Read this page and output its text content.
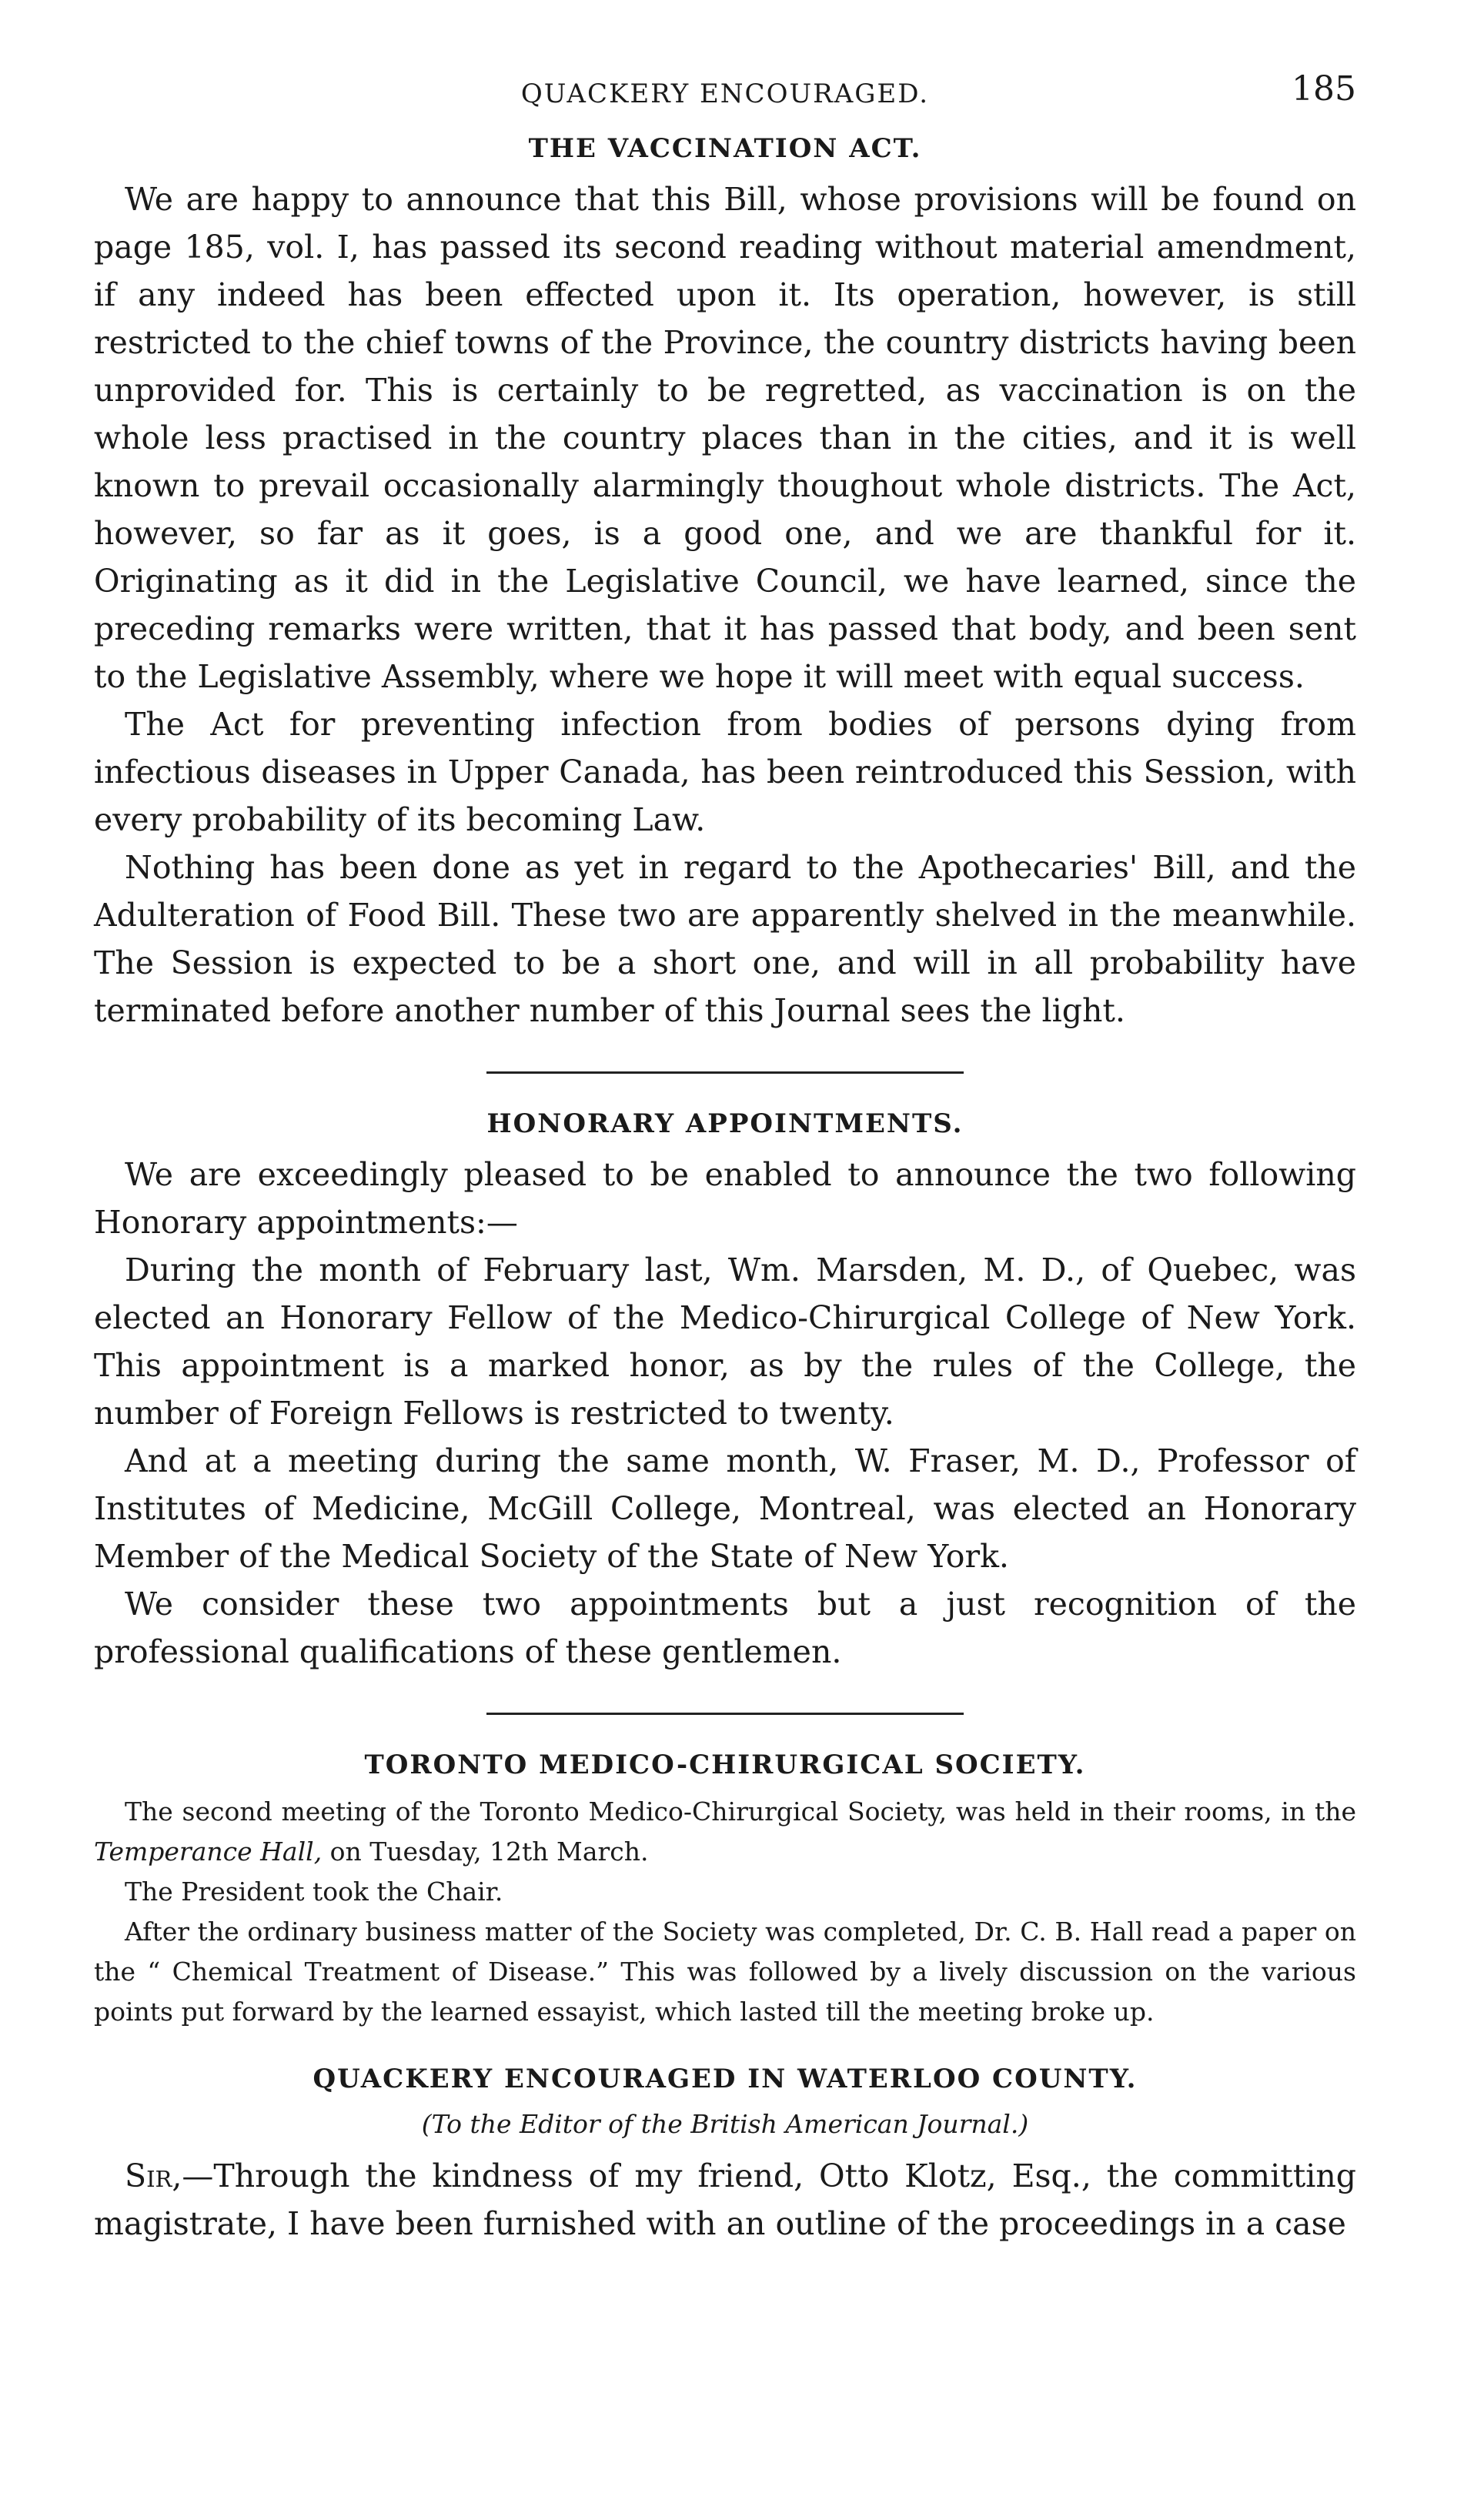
QUACKERY ENCOURAGED.	185
THE VACCINATION ACT.

We are happy to announce that this Bill, whose provisions will be found on page 185, vol. I, has passed its second reading without material amendment, if any indeed has been effected upon it. Its operation, however, is still restricted to the chief towns of the Province, the country districts having been unprovided for. This is certainly to be regretted, as vaccination is on the whole less practised in the country places than in the cities, and it is well known to prevail occasionally alarmingly thoughout whole districts. The Act, however, so far as it goes, is a good one, and we are thankful for it. Originating as it did in the Legislative Council, we have learned, since the preceding remarks were written, that it has passed that body, and been sent to the Legislative Assembly, where we hope it will meet with equal success.

The Act for preventing infection from bodies of persons dying from infectious diseases in Upper Canada, has been reintroduced this Session, with every probability of its becoming Law.

Nothing has been done as yet in regard to the Apothecaries' Bill, and the Adulteration of Food Bill. These two are apparently shelved in the meanwhile. The Session is expected to be a short one, and will in all probability have terminated before another number of this Journal sees the light.

HONORARY APPOINTMENTS.

We are exceedingly pleased to be enabled to announce the two following Honorary appointments:—

During the month of February last, Wm. Marsden, M. D., of Quebec, was elected an Honorary Fellow of the Medico-Chirurgical College of New York. This appointment is a marked honor, as by the rules of the College, the number of Foreign Fellows is restricted to twenty.

And at a meeting during the same month, W. Fraser, M. D., Professor of Institutes of Medicine, McGill College, Montreal, was elected an Honorary Member of the Medical Society of the State of New York.

We consider these two appointments but a just recognition of the professional qualifications of these gentlemen.

TORONTO MEDICO-CHIRURGICAL SOCIETY.

The second meeting of the Toronto Medico-Chirurgical Society, was held in their rooms, in the Temperance Hall, on Tuesday, 12th March.

The President took the Chair.

After the ordinary business matter of the Society was completed, Dr. C. B. Hall read a paper on the “ Chemical Treatment of Disease.” This was followed by a lively discussion on the various points put forward by the learned essayist, which lasted till the meeting broke up.

QUACKERY ENCOURAGED IN WATERLOO COUNTY.
(To the Editor of the British American Journal.)

Sir,—Through the kindness of my friend, Otto Klotz, Esq., the committing magistrate, I have been furnished with an outline of the proceedings in a case
